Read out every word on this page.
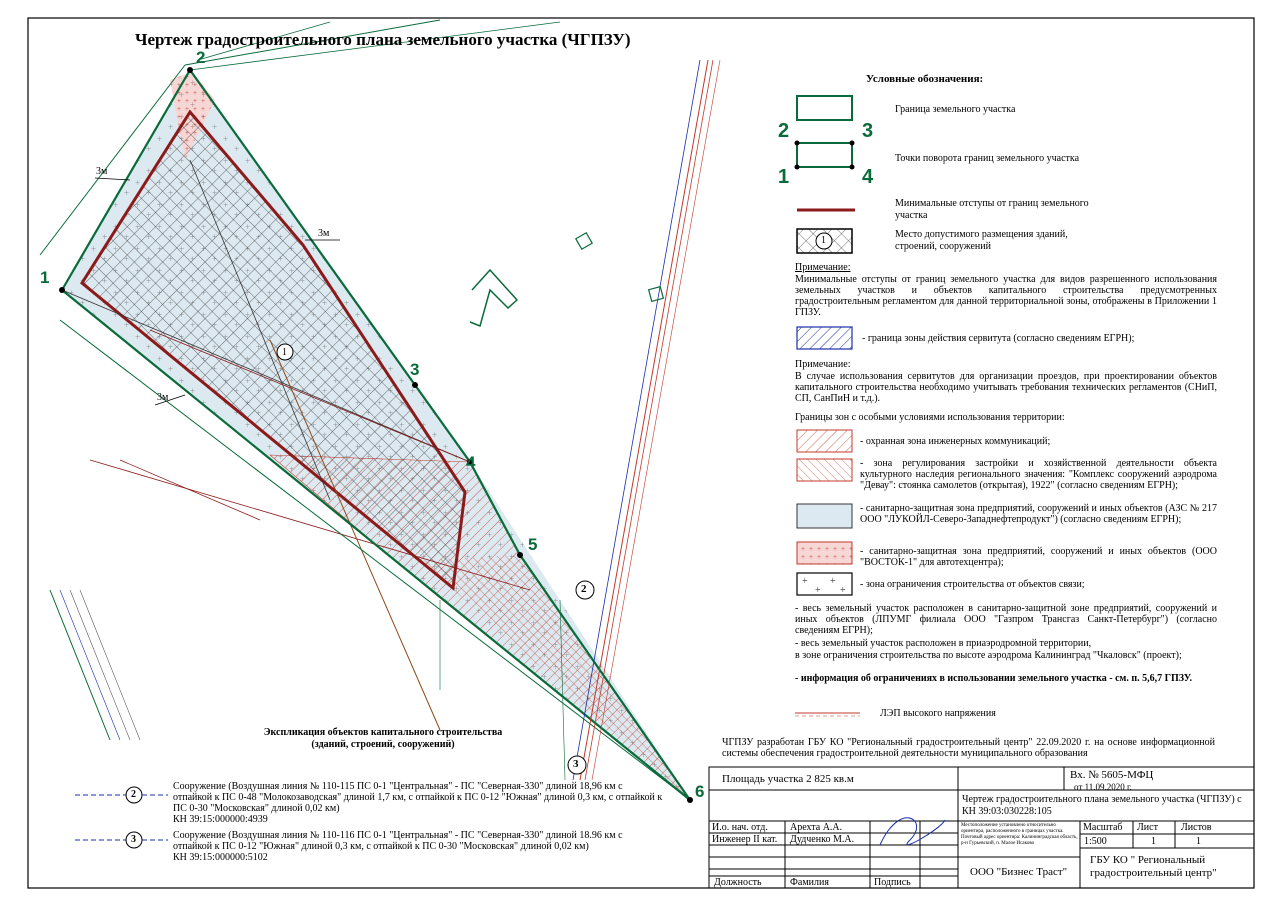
+ +
+ +
Чертеж градостроительного плана земельного участка (ЧГПЗУ)
1
2
3
4
5
6
3м
3м
3м
1
2
3
Условные обозначения:
Граница земельного участка
2	3
1	4
Точки поворота границ земельного участка
Минимальные отступы от границ земельного участка
Место допустимого размещения зданий, строений, сооружений
1
Примечание:
Минимальные отступы от границ земельного участка для видов разрешенного использования земельных участков и объектов капитального строительства предусмотренных градостроительным регламентом для данной территориальной зоны, отображены в Приложении 1 ГПЗУ.
- граница зоны действия сервитута (согласно сведениям ЕГРН);
Примечание:
В случае использования сервитутов для организации проездов, при проектировании объектов капитального строительства необходимо учитывать требования технических регламентов (СНиП, СП, СанПиН и т.д.).
Границы зон с особыми условиями использования территории:
- охранная зона инженерных коммуникаций;
- зона регулирования застройки и хозяйственной деятельности объекта культурного наследия регионального значения: "Комплекс сооружений аэродрома "Девау": стоянка самолетов (открытая), 1922" (согласно сведениям ЕГРН);
- санитарно-защитная зона предприятий, сооружений и иных объектов (АЗС № 217 ООО "ЛУКОЙЛ-Северо-Западнефтепродукт") (согласно сведениям ЕГРН);
- санитарно-защитная зона предприятий, сооружений и иных объектов (ООО "ВОСТОК-1" для автотехцентра);
- зона ограничения строительства от объектов связи;
- весь земельный участок расположен в санитарно-защитной зоне предприятий, сооружений и иных объектов (ЛПУМГ филиала ООО "Газпром Трансгаз Санкт-Петербург") (согласно сведениям ЕГРН);
- весь земельный участок расположен в приаэродромной территории,
в зоне ограничения строительства по высоте аэродрома Калининград "Чкаловск" (проект);
- информация об ограничениях в использовании земельного участка - см. п. 5,6,7 ГПЗУ.
ЛЭП высокого напряжения
ЧГПЗУ разработан ГБУ КО "Региональный градостроительный центр" 22.09.2020 г. на основе информационной системы обеспечения градостроительной деятельности муниципального образования
Экспликация объектов капитального строительства (зданий, строений, сооружений)
2
3
Сооружение (Воздушная линия № 110-115 ПС 0-1 "Центральная" - ПС "Северная-330" длиной 18,96 км с отпайкой к ПС 0-48 "Молокозаводская" длиной 1,7 км, с отпайкой к ПС 0-12 "Южная" длиной 0,3 км, с отпайкой к ПС 0-30 "Московская" длиной 0,02 км)
КН 39:15:000000:4939
Сооружение (Воздушная линия № 110-116 ПС 0-1 "Центральная" - ПС "Северная-330" длиной 18.96 км с отпайкой к ПС 0-12 "Южная" длиной 0,3 км, с отпайкой к ПС 0-30 "Московская" длиной 0,02 км)
КН 39:15:000000:5102
Площадь участка 2 825 кв.м	Вх. № 5605-МФЦ
от 11.09.2020 г.
Чертеж градостроительного плана земельного участка (ЧГПЗУ) с КН 39:03:030228:105
И.о. нач. отд. Арехта А.А.
Инженер II кат. Дудченко М.А.
Местоположение установлено относительно ориентира, расположенного в границах участка. Почтовый адрес ориентира: Калининградская область, р-н Гурьевский, п. Малое Исаково
Масштаб Лист Листов
1:500	1	1
ГБУ КО " Региональный градостроительный центр"
ООО "Бизнес Траст"
Должность	Фамилия	Подпись
